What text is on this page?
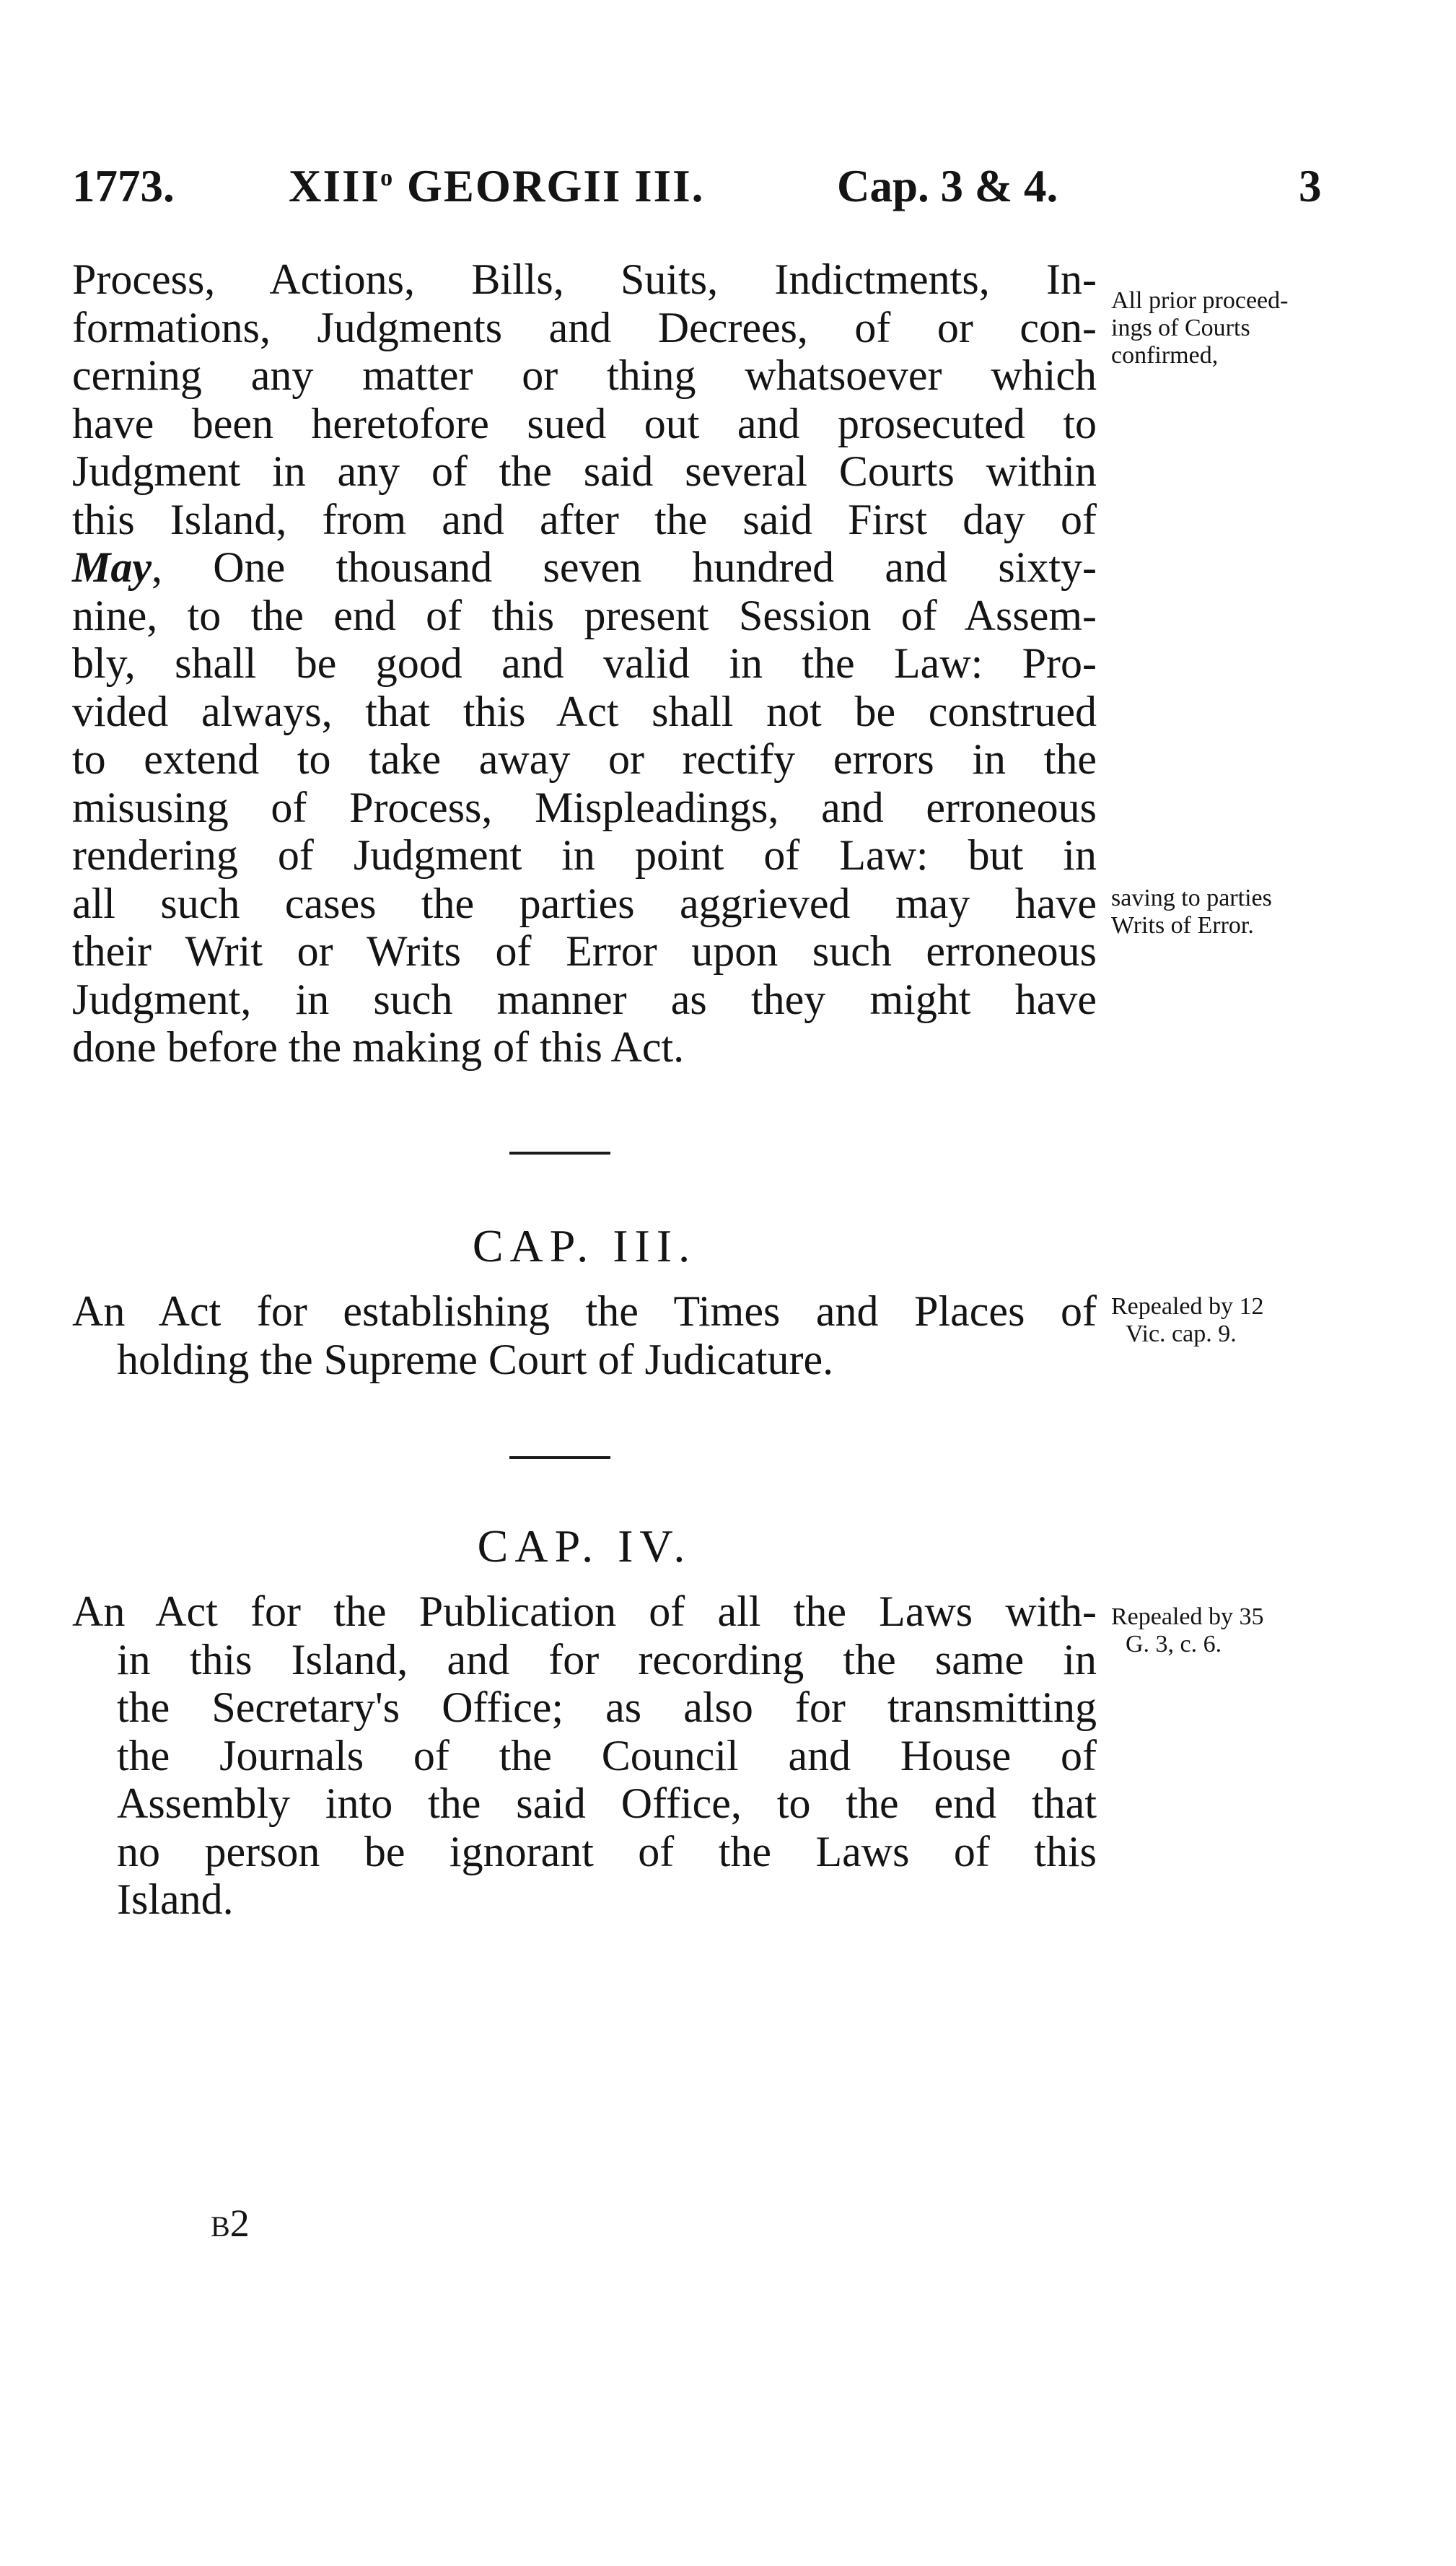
1773.	XIII$^o$ GEORGII III.	Cap. 3 & 4.	3
Process, Actions, Bills, Suits, Indictments, In-
formations, Judgments and Decrees, of or con-
cerning any matter or thing whatsoever which
have been heretofore sued out and prosecuted to
Judgment in any of the said several Courts within
this Island, from and after the said First day of
May, One thousand seven hundred and sixty-
nine, to the end of this present Session of Assem-
bly, shall be good and valid in the Law: Pro-
vided always, that this Act shall not be construed
to extend to take away or rectify errors in the
misusing of Process, Mispleadings, and erroneous
rendering of Judgment in point of Law: but in
all such cases the parties aggrieved may have
their Writ or Writs of Error upon such erroneous
Judgment, in such manner as they might have
done before the making of this Act.
All prior proceed-
ings of Courts
confirmed,
saving to parties
Writs of Error.
CAP. III.
An Act for establishing the Times and Places of
holding the Supreme Court of Judicature.
Repealed by 12
Vic. cap. 9.
CAP. IV.
An Act for the Publication of all the Laws with-
in this Island, and for recording the same in
the Secretary's Office; as also for transmitting
the Journals of the Council and House of
Assembly into the said Office, to the end that
no person be ignorant of the Laws of this
Island.
Repealed by 35
G. 3, c. 6.
B2
